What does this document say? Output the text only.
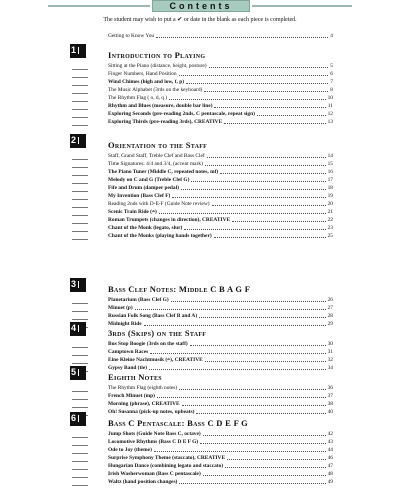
Contents
The student may wish to put a ✔ or date in the blank as each piece is completed.
Getting to Know You	4
1	Introduction to Playing
Sitting at the Piano (distance, height, posture)	5
Finger Numbers, Hand Position	6
Wind Chimes (high and low, f, p)	7
The Music Alphabet (3rds on the keyboard)	8
The Rhythm Flag ( o, d, q )	10
Rhythm and Blues (measure, double bar line)	11
Exploring Seconds (pre-reading 2nds, C pentascale, repeat sign)	12
Exploring Thirds (pre-reading 3rds), CREATIVE	13
2	Orientation to the Staff
Staff, Grand Staff, Treble Clef and Bass Clef	14
Time Signatures: 4/4 and 3/4, (accent mark)	15
The Piano Tuner (Middle C, repeated notes, mf)	16
Melody on C and G (Treble Clef G)	17
Fife and Drum (damper pedal)	18
My Invention (Bass Clef F)	19
Reading 2nds with D-E-F (Guide Note review)	20
Scenic Train Ride (𝄐)	21
Roman Trumpets (changes in direction), CREATIVE	22
Chant of the Monk (legato, slur)	23
Chant of the Monks (playing hands together)	25
3	Bass Clef Notes: Middle C B A G F
Planetarium (Bass Clef G)	26
Minuet (p)	27
Russian Folk Song (Bass Clef B and A)	28
Midnight Ride	29
4	3rds (Skips) on the Staff
Bus Stop Boogie (3rds on the staff)	30
Camptown Races	31
Eine Kleine Nachtmusik (𝄐), CREATIVE	32
Gypsy Band (tie)	34
5	Eighth Notes
The Rhythm Flag (eighth notes)	36
French Minuet (mp)	37
Morning (phrase), CREATIVE	38
Oh! Susanna (pick-up notes, upbeats)	40
6	Bass C Pentascale: Bass C D E F G
Jump Shots (Guide Note Bass C, octave)	42
Locomotive Rhythms (Bass C D E F G)	43
Ode to Joy (theme)	44
Surprise Symphony Theme (staccato), CREATIVE	46
Hungarian Dance (combining legato and staccato)	47
Irish Washerwoman (Bass C pentascale)	48
Waltz (hand position changes)	49
